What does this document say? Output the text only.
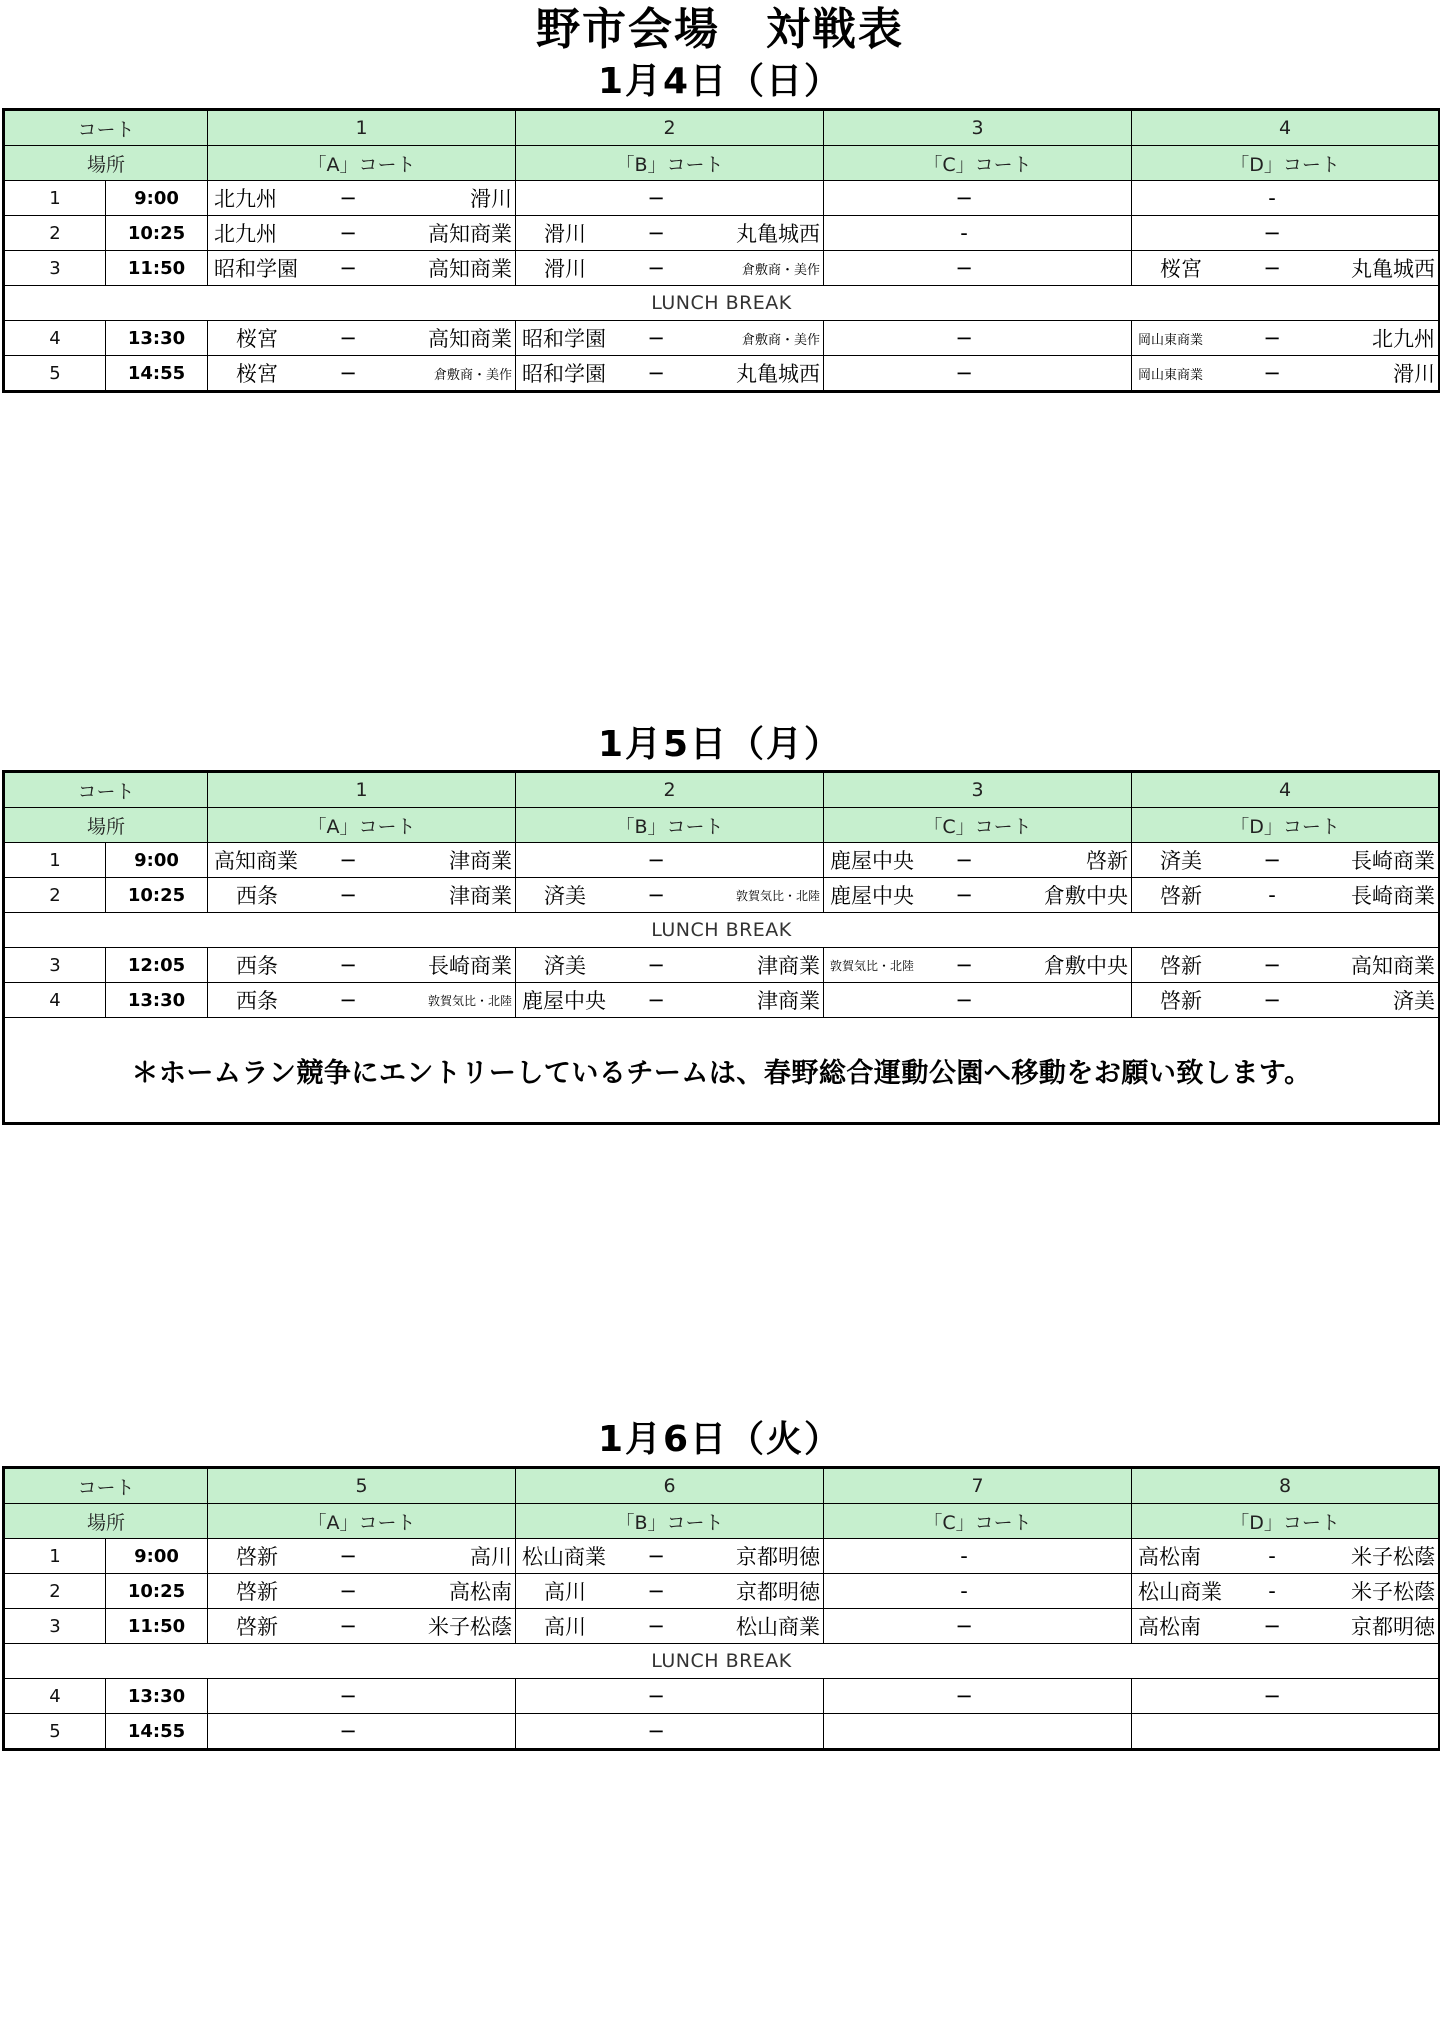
野市会場　対戦表
1月4日（日）
コート		1	2	3	4
場所		「A」コート	「B」コート	「C」コート	「D」コート
1	9:00	北九州 − 滑川	−	−	-

2	10:25	北九州 − 高知商業	滑川 − 丸亀城西	-	−

3	11:50	昭和学園 − 高知商業	滑川 − 倉敷商・美作	−	桜宮 − 丸亀城西

LUNCH BREAK					
4	13:30	桜宮 − 高知商業	昭和学園 − 倉敷商・美作	−	岡山東商業 − 北九州

5	14:55	桜宮 − 倉敷商・美作	昭和学園 − 丸亀城西	−	岡山東商業 − 滑川
1月5日（月）
コート		1	2	3	4
場所		「A」コート	「B」コート	「C」コート	「D」コート
1	9:00	高知商業 − 津商業	−	鹿屋中央 − 啓新	済美 − 長崎商業

2	10:25	西条 − 津商業	済美 − 敦賀気比・北陸	鹿屋中央 − 倉敷中央	啓新 - 長崎商業

LUNCH BREAK					
3	12:05	西条 − 長崎商業	済美 − 津商業	敦賀気比・北陸 − 倉敷中央	啓新 − 高知商業

4	13:30	西条 − 敦賀気比・北陸	鹿屋中央 − 津商業	−	啓新 − 済美

＊ホームラン競争にエントリーしているチームは、春野総合運動公園へ移動をお願い致します。					
1月6日（火）
コート		5	6	7	8
場所		「A」コート	「B」コート	「C」コート	「D」コート
1	9:00	啓新 − 高川	松山商業 − 京都明徳	-	高松南 - 米子松蔭

2	10:25	啓新 − 高松南	高川 − 京都明徳	-	松山商業 - 米子松蔭

3	11:50	啓新 − 米子松蔭	高川 − 松山商業	−	高松南 − 京都明徳

LUNCH BREAK					
4	13:30	−	−	−	−

5	14:55	−	−		
